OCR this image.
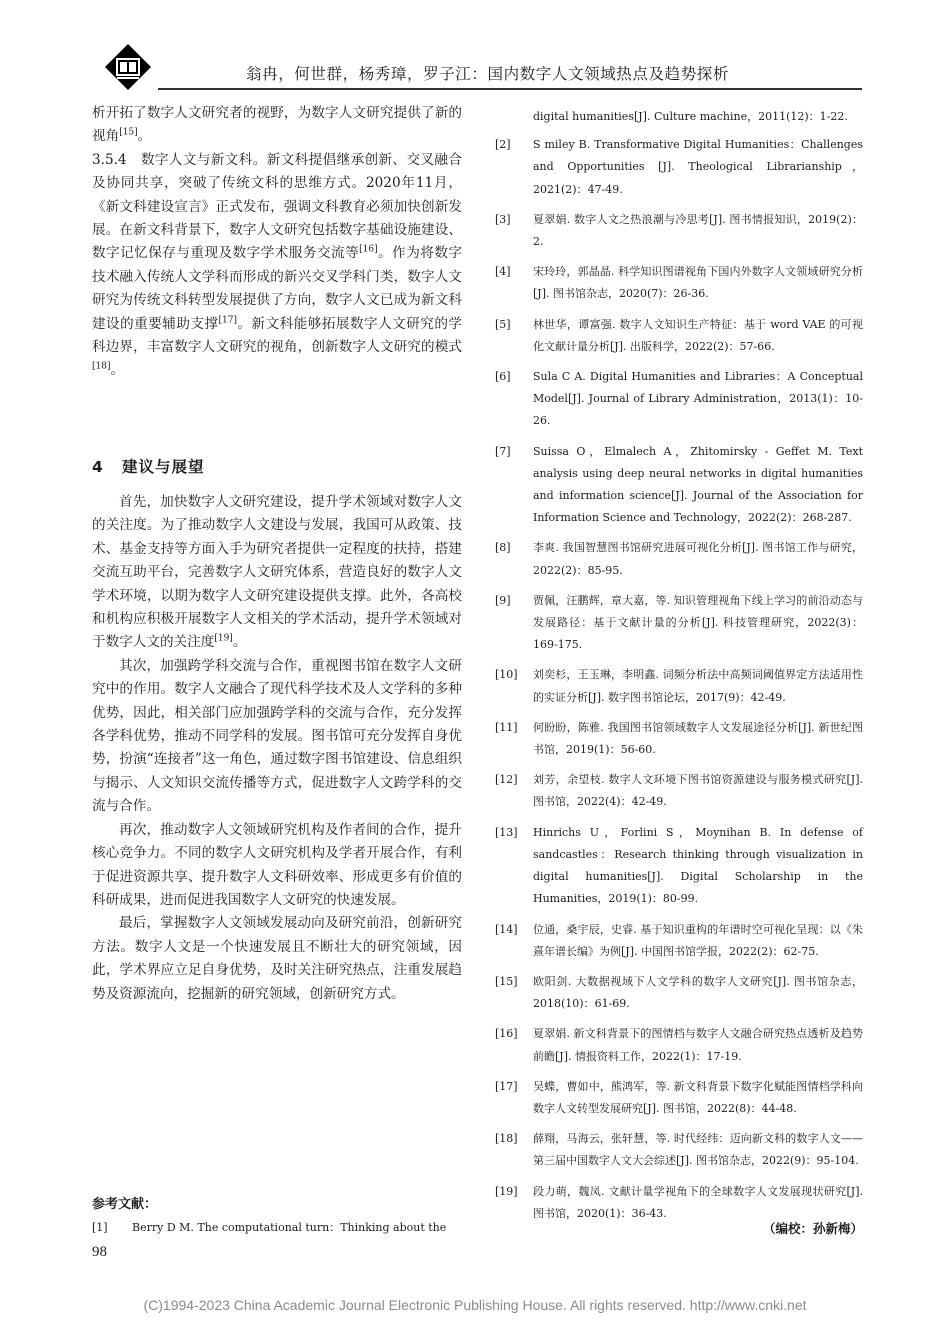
翁冉，何世群，杨秀璋，罗子江：国内数字人文领域热点及趋势探析

析开拓了数字人文研究者的视野，为数字人文研究提供了新的视角[15]。

3.5.4　数字人文与新文科。新文科提倡继承创新、交叉融合及协同共享，突破了传统文科的思维方式。2020年11月，《新文科建设宣言》正式发布，强调文科教育必须加快创新发展。在新文科背景下，数字人文研究包括数字基础设施建设、数字记忆保存与重现及数字学术服务交流等[16]。作为将数字技术融入传统人文学科而形成的新兴交叉学科门类，数字人文研究为传统文科转型发展提供了方向，数字人文已成为新文科建设的重要辅助支撑[17]。新文科能够拓展数字人文研究的学科边界，丰富数字人文研究的视角，创新数字人文研究的模式[18]。

4 建议与展望

首先，加快数字人文研究建设，提升学术领域对数字人文的关注度。为了推动数字人文建设与发展，我国可从政策、技术、基金支持等方面入手为研究者提供一定程度的扶持，搭建交流互助平台，完善数字人文研究体系，营造良好的数字人文学术环境，以期为数字人文研究建设提供支撑。此外，各高校和机构应积极开展数字人文相关的学术活动，提升学术领域对于数字人文的关注度[19]。

其次，加强跨学科交流与合作，重视图书馆在数字人文研究中的作用。数字人文融合了现代科学技术及人文学科的多种优势，因此，相关部门应加强跨学科的交流与合作，充分发挥各学科优势，推动不同学科的发展。图书馆可充分发挥自身优势，扮演“连接者”这一角色，通过数字图书馆建设、信息组织与揭示、人文知识交流传播等方式，促进数字人文跨学科的交流与合作。

再次，推动数字人文领域研究机构及作者间的合作，提升核心竞争力。不同的数字人文研究机构及学者开展合作，有利于促进资源共享、提升数字人文科研效率、形成更多有价值的科研成果，进而促进我国数字人文研究的快速发展。

最后，掌握数字人文领域发展动向及研究前沿，创新研究方法。数字人文是一个快速发展且不断壮大的研究领域，因此，学术界应立足自身优势，及时关注研究热点，注重发展趋势及资源流向，挖掘新的研究领域，创新研究方式。

参考文献：
[1]	Berry D M. The computational turn：Thinking about the
98
digital humanities[J]. Culture machine，2011(12)：1-22.
[2]	S miley B. Transformative Digital Humanities：Challenges and Opportunities [J]. Theological Librarianship，2021(2)：47-49.
[3]	夏翠娟. 数字人文之热浪潮与冷思考[J]. 图书情报知识，2019(2)：2.
[4]	宋玲玲，郭晶晶. 科学知识图谱视角下国内外数字人文领域研究分析[J]. 图书馆杂志，2020(7)：26-36.
[5]	林世华，谭富强. 数字人文知识生产特征：基于 word VAE 的可视化文献计量分析[J]. 出版科学，2022(2)：57-66.
[6]	Sula C A. Digital Humanities and Libraries：A Conceptual Model[J]. Journal of Library Administration，2013(1)：10-26.
[7]	Suissa O，Elmalech A，Zhitomirsky - Geffet M. Text analysis using deep neural networks in digital humanities and information science[J]. Journal of the Association for Information Science and Technology，2022(2)：268-287.
[8]	李爽. 我国智慧图书馆研究进展可视化分析[J]. 图书馆工作与研究，2022(2)：85-95.
[9]	贾佩，汪鹏辉，章大嘉，等. 知识管理视角下线上学习的前沿动态与发展路径：基于文献计量的分析[J]. 科技管理研究，2022(3)：169-175.
[10]	刘奕杉，王玉琳，李明鑫. 词频分析法中高频词阈值界定方法适用性的实证分析[J]. 数字图书馆论坛，2017(9)：42-49.
[11]	何盼盼，陈雅. 我国图书馆领域数字人文发展途径分析[J]. 新世纪图书馆，2019(1)：56-60.
[12]	刘芳，余望枝. 数字人文环境下图书馆资源建设与服务模式研究[J]. 图书馆，2022(4)：42-49.
[13]	Hinrichs U，Forlini S，Moynihan B. In defense of sandcastles：Research thinking through visualization in digital humanities[J]. Digital Scholarship in the Humanities，2019(1)：80-99.
[14]	位通，桑宇辰，史睿. 基于知识重构的年谱时空可视化呈现：以《朱熹年谱长编》为例[J]. 中国图书馆学报，2022(2)：62-75.
[15]	欧阳剑. 大数据视域下人文学科的数字人文研究[J]. 图书馆杂志，2018(10)：61-69.
[16]	夏翠娟. 新文科背景下的图情档与数字人文融合研究热点透析及趋势前瞻[J]. 情报资料工作，2022(1)：17-19.
[17]	吴蝶，曹如中，熊鸿军，等. 新文科背景下数字化赋能图情档学科向数字人文转型发展研究[J]. 图书馆，2022(8)：44-48.
[18]	薛翔，马海云，张轩慧，等. 时代经纬：迈向新文科的数字人文——第三届中国数字人文大会综述[J]. 图书馆杂志，2022(9)：95-104.
[19]	段力萌，魏凤. 文献计量学视角下的全球数字人文发展现状研究[J]. 图书馆，2020(1)：36-43.
（编校：孙新梅）
(C)1994-2023 China Academic Journal Electronic Publishing House. All rights reserved. http://www.cnki.net
